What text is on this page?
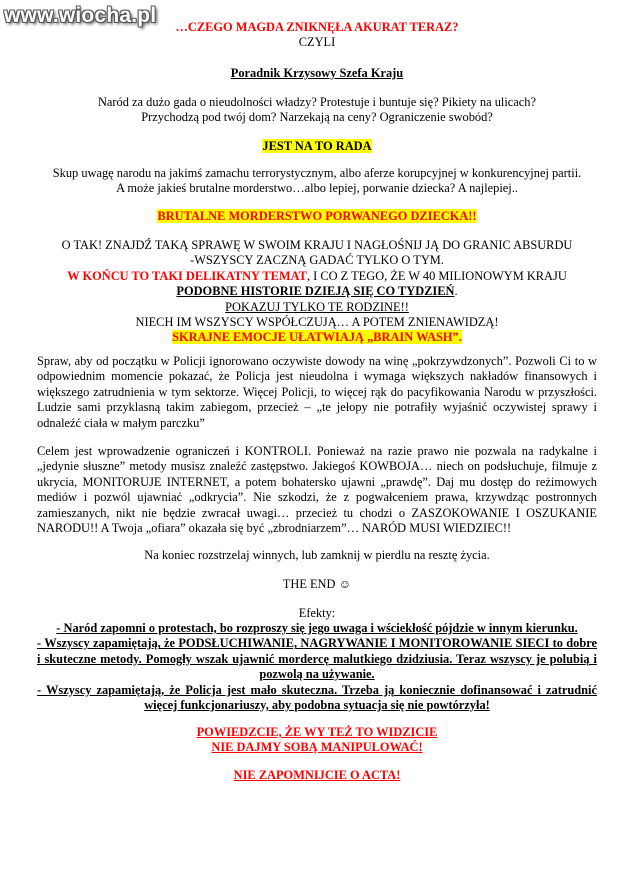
www.wiocha.pl	…CZEGO MAGDA ZNIKNĘŁA AKURAT TERAZ?
CZYLI
Poradnik Krzysowy Szefa Kraju
Naród za dużo gada o nieudolności władzy? Protestuje i buntuje się? Pikiety na ulicach?
Przychodzą pod twój dom? Narzekają na ceny? Ograniczenie swobód?
JEST NA TO RADA
Skup uwagę narodu na jakimś zamachu terrorystycznym, albo aferze korupcyjnej w konkurencyjnej partii.
A może jakieś brutalne morderstwo…albo lepiej, porwanie dziecka? A najlepiej..
BRUTALNE MORDERSTWO PORWANEGO DZIECKA!!
O TAK! ZNAJDŹ TAKĄ SPRAWĘ W SWOIM KRAJU I NAGŁOŚNIJ JĄ DO GRANIC ABSURDU
-WSZYSCY ZACZNĄ GADAĆ TYLKO O TYM.
W KOŃCU TO TAKI DELIKATNY TEMAT, I CO Z TEGO, ŻE W 40 MILIONOWYM KRAJU
PODOBNE HISTORIE DZIEJĄ SIĘ CO TYDZIEŃ.
POKAZUJ TYLKO TE RODZINE!!
NIECH IM WSZYSCY WSPÓŁCZUJĄ… A POTEM ZNIENAWIDZĄ!
SKRAJNE EMOCJE UŁATWIAJĄ „BRAIN WASH”.
Spraw, aby od początku w Policji ignorowano oczywiste dowody na winę „pokrzywdzonych”. Pozwoli Ci to w
odpowiednim momencie pokazać, że Policja jest nieudolna i wymaga większych nakładów finansowych i
większego zatrudnienia w tym sektorze. Więcej Policji, to więcej rąk do pacyfikowania Narodu w przyszłości.
Ludzie sami przyklasną takim zabiegom, przecież – „te jełopy nie potrafiły wyjaśnić oczywistej sprawy i
odnaleźć ciała w małym parczku”
Celem jest wprowadzenie ograniczeń i KONTROLI. Ponieważ na razie prawo nie pozwala na radykalne i
„jedynie słuszne” metody musisz znaleźć zastępstwo. Jakiegoś KOWBOJA… niech on podsłuchuje, filmuje z
ukrycia, MONITORUJE INTERNET, a potem bohatersko ujawni „prawdę”. Daj mu dostęp do reżimowych
mediów i pozwól ujawniać „odkrycia”. Nie szkodzi, że z pogwałceniem prawa, krzywdząc postronnych
zamieszanych, nikt nie będzie zwracał uwagi… przecież tu chodzi o ZASZOKOWANIE I OSZUKANIE
NARODU!! A Twoja „ofiara” okazała się być „zbrodniarzem”… NARÓD MUSI WIEDZIEC!!
Na koniec rozstrzelaj winnych, lub zamknij w pierdlu na resztę życia.
THE END ☺
Efekty:
- Naród zapomni o protestach, bo rozproszy się jego uwaga i wściekłość pójdzie w innym kierunku.
- Wszyscy zapamiętają, że PODSŁUCHIWANIE, NAGRYWANIE I MONITOROWANIE SIECI to dobre
i skuteczne metody. Pomogły wszak ujawnić mordercę malutkiego dzidziusia. Teraz wszyscy je polubią i
pozwolą na używanie.
- Wszyscy zapamiętają, że Policja jest mało skuteczna. Trzeba ją koniecznie dofinansować i zatrudnić
więcej funkcjonariuszy, aby podobna sytuacja się nie powtórzyła!
POWIEDZCIE, ŻE WY TEŻ TO WIDZICIE
NIE DAJMY SOBĄ MANIPULOWAĆ!
NIE ZAPOMNIJCIE O ACTA!
